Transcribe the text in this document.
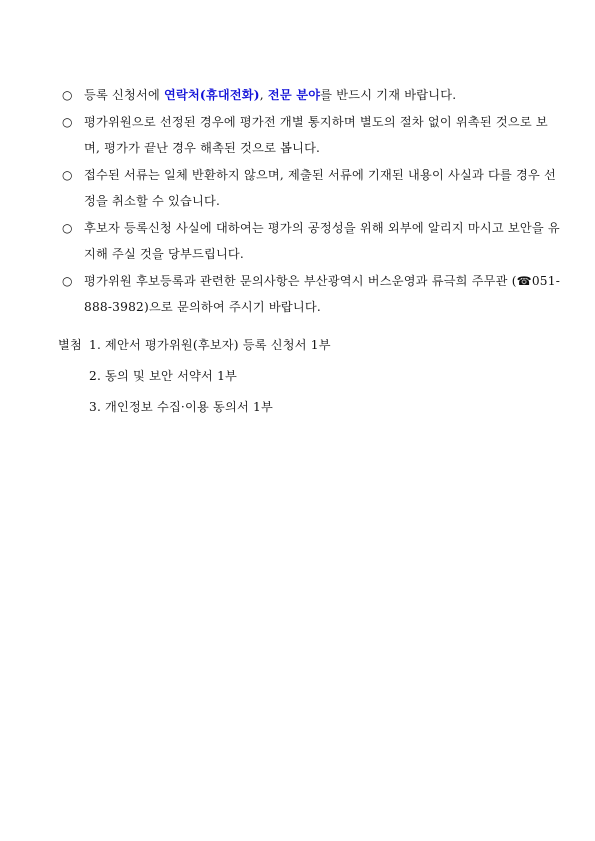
○ 등록 신청서에 연락처(휴대전화), 전문 분야를 반드시 기재 바랍니다.
○ 평가위원으로 선정된 경우에 평가전 개별 통지하며 별도의 절차 없이 위촉된 것으로 보며, 평가가 끝난 경우 해촉된 것으로 봅니다.
○ 접수된 서류는 일체 반환하지 않으며, 제출된 서류에 기재된 내용이 사실과 다를 경우 선정을 취소할 수 있습니다.
○ 후보자 등록신청 사실에 대하여는 평가의 공정성을 위해 외부에 알리지 마시고 보안을 유지해 주실 것을 당부드립니다.
○ 평가위원 후보등록과 관련한 문의사항은 부산광역시 버스운영과 류극희 주무관 (☎051-888-3982)으로 문의하여 주시기 바랍니다.
별첨 1. 제안서 평가위원(후보자) 등록 신청서 1부
2. 동의 및 보안 서약서 1부
3. 개인정보 수집·이용 동의서 1부
